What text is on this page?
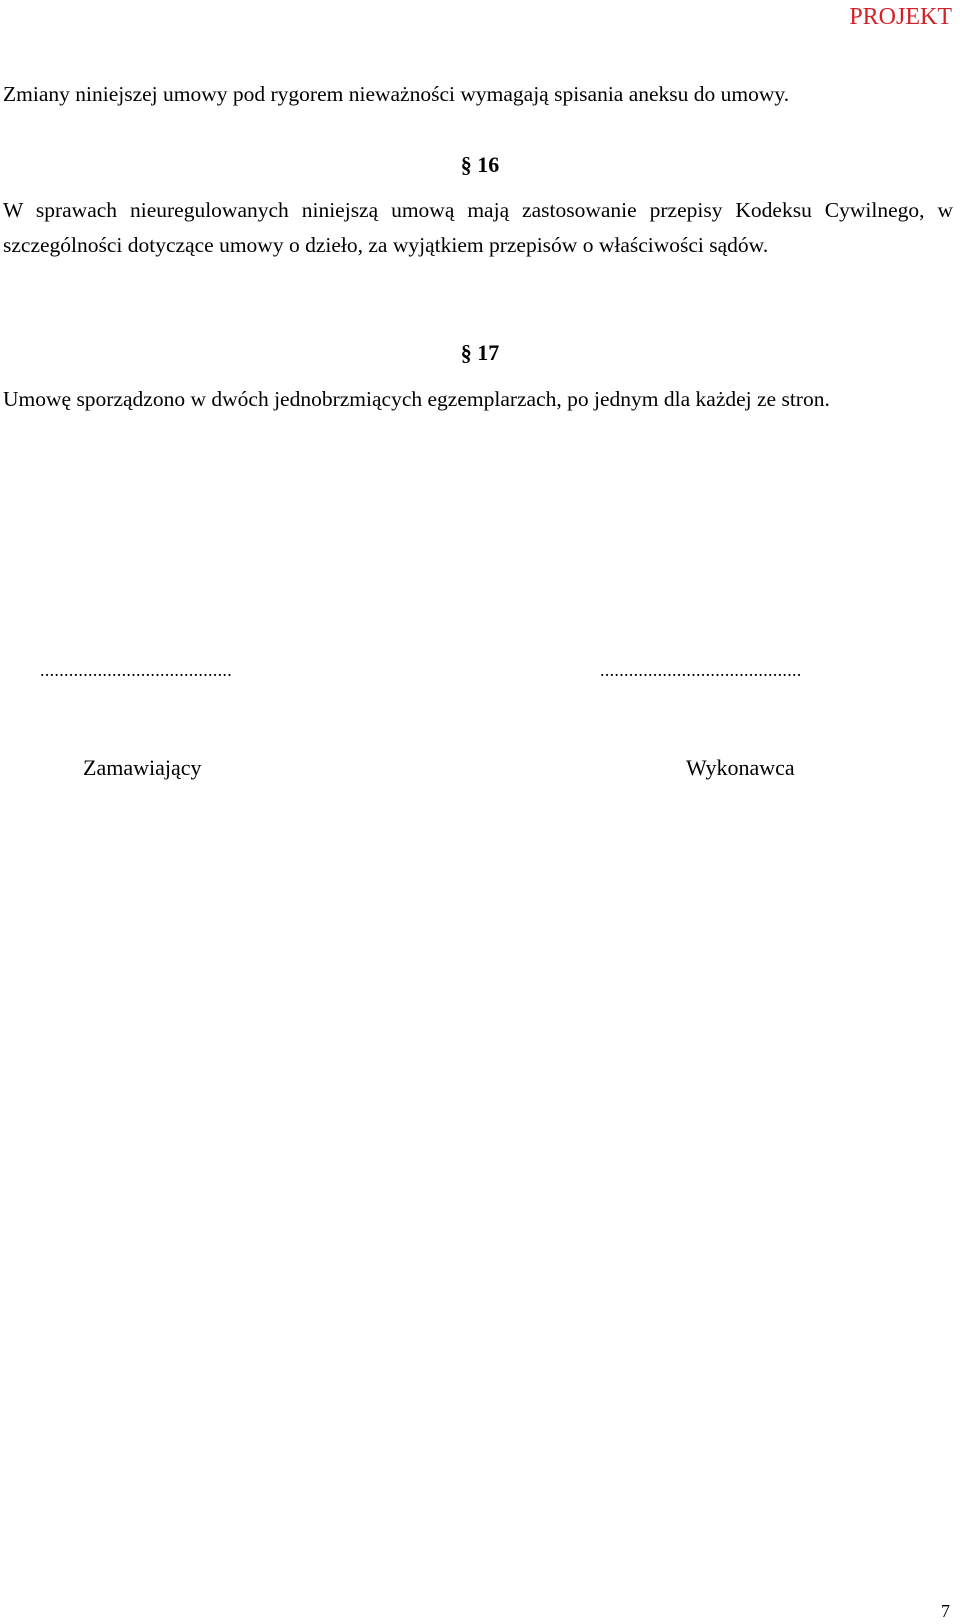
PROJEKT

Zmiany niniejszej umowy pod rygorem nieważności wymagają spisania aneksu do umowy.

§ 16

W sprawach nieuregulowanych niniejszą umową mają zastosowanie przepisy Kodeksu Cywilnego, w szczególności dotyczące umowy o dzieło, za wyjątkiem przepisów o właściwości sądów.

§ 17

Umowę sporządzono w dwóch jednobrzmiących egzemplarzach, po jednym dla każdej ze stron.

........................................	..........................................
Zamawiający	Wykonawca
7
